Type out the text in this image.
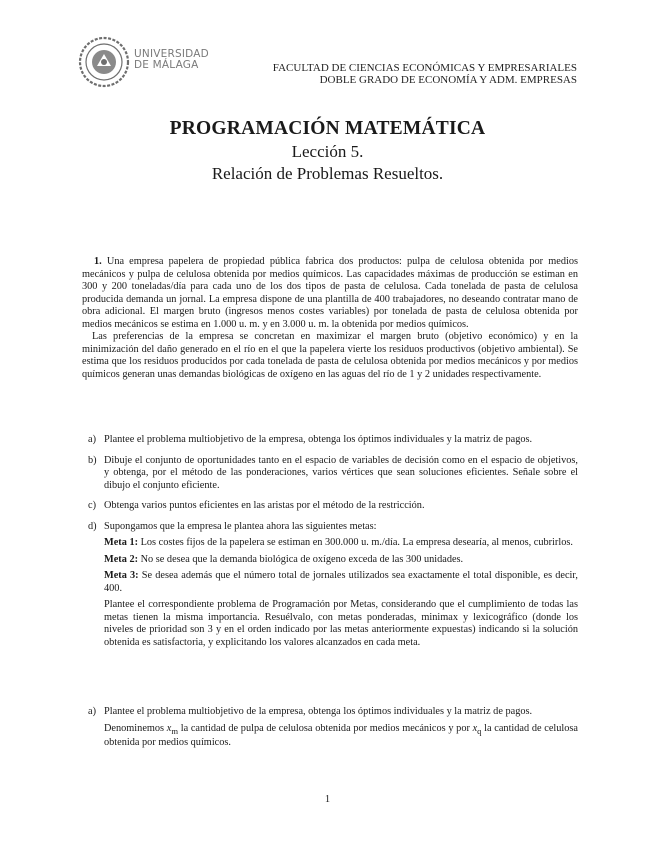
UNIVERSIDAD
DE MÁLAGA	FACULTAD DE CIENCIAS ECONÓMICAS Y EMPRESARIALES
DOBLE GRADO DE ECONOMÍA Y ADM. EMPRESAS
PROGRAMACIÓN MATEMÁTICA
Lección 5.
Relación de Problemas Resueltos.

1. Una empresa papelera de propiedad pública fabrica dos productos: pulpa de celulosa obtenida por medios mecánicos y pulpa de celulosa obtenida por medios químicos. Las capacidades máximas de producción se estiman en 300 y 200 toneladas/día para cada uno de los dos tipos de pasta de celulosa. Cada tonelada de pasta de celulosa producida demanda un jornal. La empresa dispone de una plantilla de 400 trabajadores, no deseando contratar mano de obra adicional. El margen bruto (ingresos menos costes variables) por tonelada de pasta de celulosa obtenida por medios mecánicos se estima en 1.000 u. m. y en 3.000 u. m. la obtenida por medios químicos.

Las preferencias de la empresa se concretan en maximizar el margen bruto (objetivo económico) y en la minimización del daño generado en el río en el que la papelera vierte los residuos productivos (objetivo ambiental). Se estima que los residuos producidos por cada tonelada de pasta de celulosa obtenida por medios mecánicos y por medios químicos generan unas demandas biológicas de oxígeno en las aguas del río de 1 y 2 unidades respectivamente.

a) Plantee el problema multiobjetivo de la empresa, obtenga los óptimos individuales y la matriz de pagos.
b) Dibuje el conjunto de oportunidades tanto en el espacio de variables de decisión como en el espacio de objetivos, y obtenga, por el método de las ponderaciones, varios vértices que sean soluciones eficientes. Señale sobre el dibujo el conjunto eficiente.
c) Obtenga varios puntos eficientes en las aristas por el método de la restricción.
d) Supongamos que la empresa le plantea ahora las siguientes metas:

Meta 1: Los costes fijos de la papelera se estiman en 300.000 u. m./día. La empresa desearía, al menos, cubrirlos.

Meta 2: No se desea que la demanda biológica de oxígeno exceda de las 300 unidades.

Meta 3: Se desea además que el número total de jornales utilizados sea exactamente el total disponible, es decir, 400.

Plantee el correspondiente problema de Programación por Metas, considerando que el cumplimiento de todas las metas tienen la misma importancia. Resuélvalo, con metas ponderadas, minimax y lexicográfico (donde los niveles de prioridad son 3 y en el orden indicado por las metas anteriormente expuestas) indicando si la solución obtenida es satisfactoria, y explicitando los valores alcanzados en cada meta.

a) Plantee el problema multiobjetivo de la empresa, obtenga los óptimos individuales y la matriz de pagos.

Denominemos $x_m$ la cantidad de pulpa de celulosa obtenida por medios mecánicos y por $x_q$ la cantidad de celulosa obtenida por medios químicos.

1
